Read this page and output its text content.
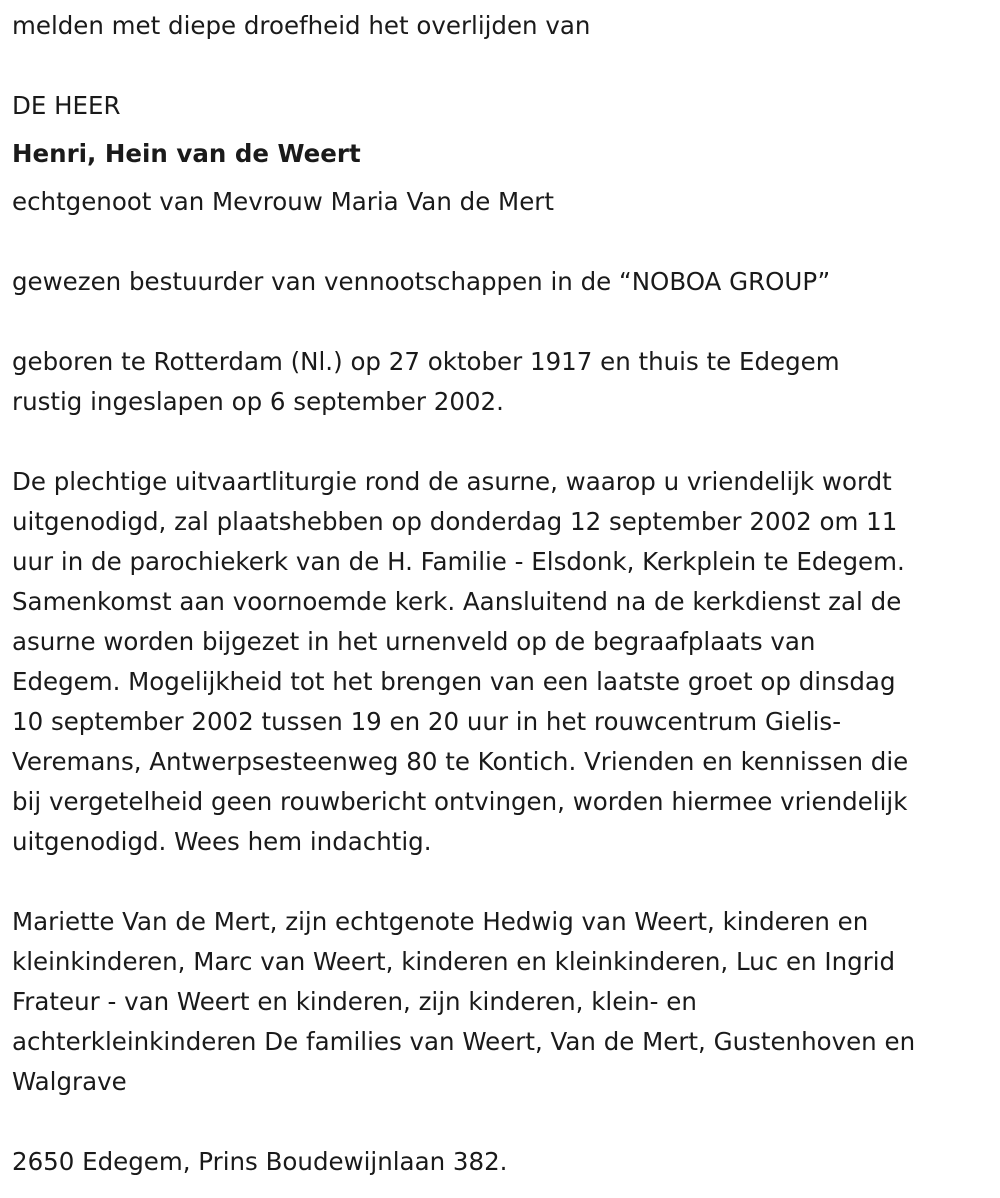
melden met diepe droefheid het overlijden van

DE HEER

Henri, Hein van de Weert

echtgenoot van Mevrouw Maria Van de Mert

gewezen bestuurder van vennootschappen in de “NOBOA GROUP”

geboren te Rotterdam (Nl.) op 27 oktober 1917 en thuis te Edegem
rustig ingeslapen op 6 september 2002.
De plechtige uitvaartliturgie rond de asurne, waarop u vriendelijk wordt
uitgenodigd, zal plaatshebben op donderdag 12 september 2002 om 11
uur in de parochiekerk van de H. Familie - Elsdonk, Kerkplein te Edegem.
Samenkomst aan voornoemde kerk. Aansluitend na de kerkdienst zal de
asurne worden bijgezet in het urnenveld op de begraafplaats van
Edegem. Mogelijkheid tot het brengen van een laatste groet op dinsdag
10 september 2002 tussen 19 en 20 uur in het rouwcentrum Gielis-
Veremans, Antwerpsesteenweg 80 te Kontich. Vrienden en kennissen die
bij vergetelheid geen rouwbericht ontvingen, worden hiermee vriendelijk
uitgenodigd. Wees hem indachtig.
Mariette Van de Mert, zijn echtgenote Hedwig van Weert, kinderen en
kleinkinderen, Marc van Weert, kinderen en kleinkinderen, Luc en Ingrid
Frateur - van Weert en kinderen, zijn kinderen, klein- en
achterkleinkinderen De families van Weert, Van de Mert, Gustenhoven en
Walgrave

2650 Edegem, Prins Boudewijnlaan 382.
